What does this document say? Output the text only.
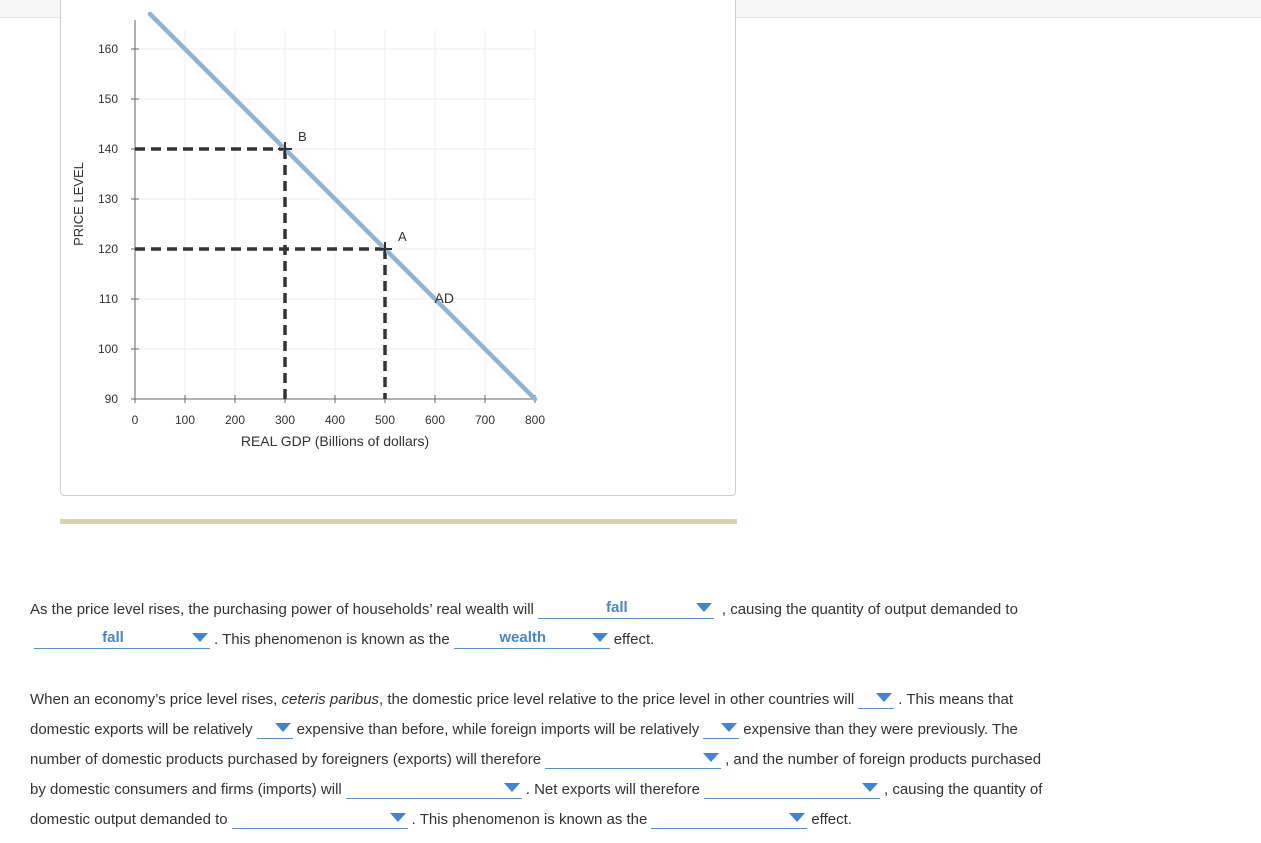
160
150
140
130
120
110
100
90
0	100 200 300 400 500 600 700 800
REAL GDP (Billions of dollars)
PRICE LEVEL
AD
B
A
As the price level rises, the purchasing power of households’ real wealth will	fall	, causing the quantity of output demanded to
fall	. This phenomenon is known as the	wealth	effect.
When an economy’s price level rises, ceteris paribus , the domestic price level relative to the price level in other countries will	. This means that
domestic exports will be relatively	expensive than before, while foreign imports will be relatively	expensive than they were previously. The
number of domestic products purchased by foreigners (exports) will therefore	, and the number of foreign products purchased
by domestic consumers and firms (imports) will	. Net exports will therefore	, causing the quantity of
domestic output demanded to	. This phenomenon is known as the	effect.
